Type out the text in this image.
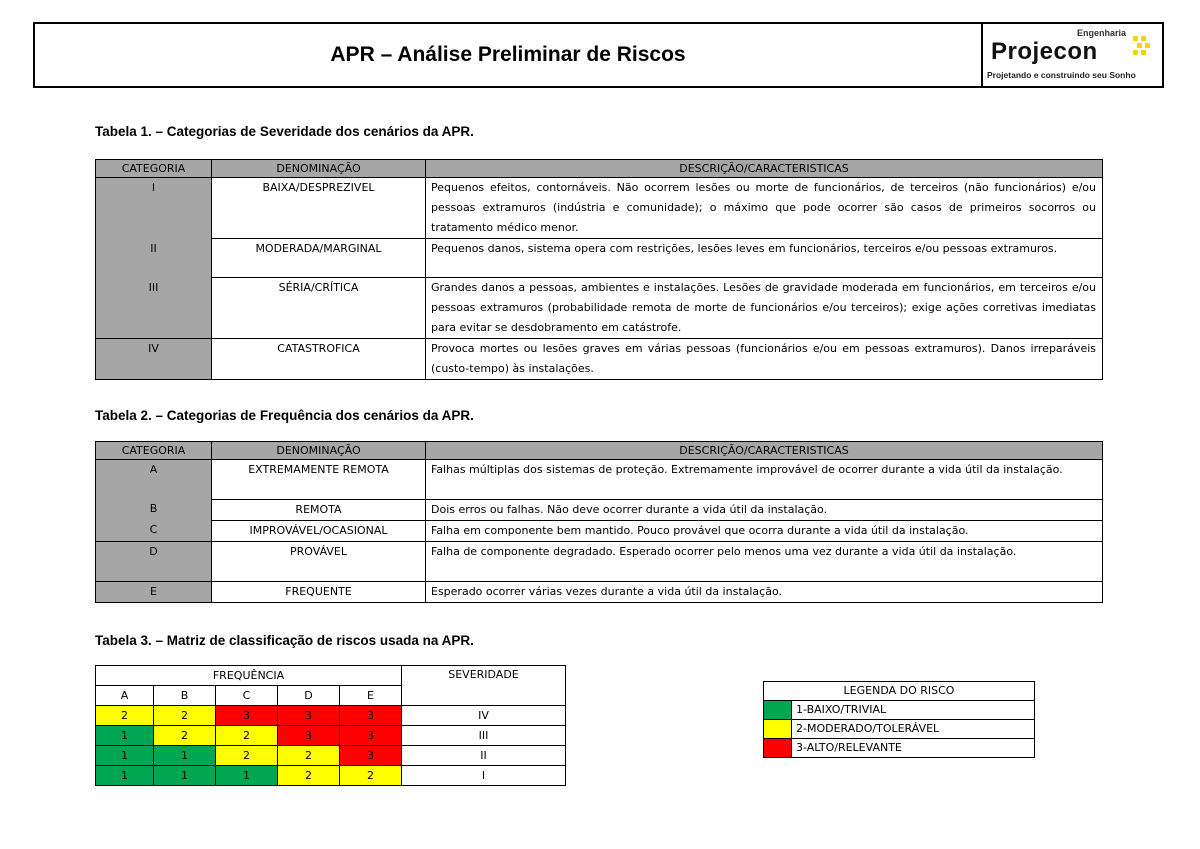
APR – Análise Preliminar de Riscos
Engenharia
Projecon
Projetando e construindo seu Sonho
Tabela 1. – Categorias de Severidade dos cenários da APR.
CATEGORIA	DENOMINAÇÃO	DESCRIÇÃO/CARACTERISTICAS
I	BAIXA/DESPREZIVEL	Pequenos efeitos, contornáveis. Não ocorrem lesões ou morte de funcionários, de terceiros (não funcionários) e/ou pessoas extramuros (indústria e comunidade); o máximo que pode ocorrer são casos de primeiros socorros ou tratamento médico menor.
II	MODERADA/MARGINAL	Pequenos danos, sistema opera com restrições, lesões leves em funcionários, terceiros e/ou pessoas extramuros.
III	SÉRIA/CRÍTICA	Grandes danos a pessoas, ambientes e instalações. Lesões de gravidade moderada em funcionários, em terceiros e/ou pessoas extramuros (probabilidade remota de morte de funcionários e/ou terceiros); exige ações corretivas imediatas para evitar se desdobramento em catástrofe.
IV	CATASTROFICA	Provoca mortes ou lesões graves em várias pessoas (funcionários e/ou em pessoas extramuros). Danos irreparáveis (custo-tempo) às instalações.
Tabela 2. – Categorias de Frequência dos cenários da APR.
CATEGORIA	DENOMINAÇÃO	DESCRIÇÃO/CARACTERISTICAS
A	EXTREMAMENTE REMOTA	Falhas múltiplas dos sistemas de proteção. Extremamente improvável de ocorrer durante a vida útil da instalação.
B	REMOTA	Dois erros ou falhas. Não deve ocorrer durante a vida útil da instalação.
C	IMPROVÁVEL/OCASIONAL	Falha em componente bem mantido. Pouco provável que ocorra durante a vida útil da instalação.
D	PROVÁVEL	Falha de componente degradado. Esperado ocorrer pelo menos uma vez durante a vida útil da instalação.
E	FREQUENTE	Esperado ocorrer várias vezes durante a vida útil da instalação.
Tabela 3. – Matriz de classificação de riscos usada na APR.
FREQUÊNCIA					SEVERIDADE
A	B	C	D	E	
2	2	3	3	3	IV
1	2	2	3	3	III
1	1	2	2	3	II
1	1	1	2	2	I
LEGENDA DO RISCO	
	1-BAIXO/TRIVIAL
	2-MODERADO/TOLERÁVEL
	3-ALTO/RELEVANTE
